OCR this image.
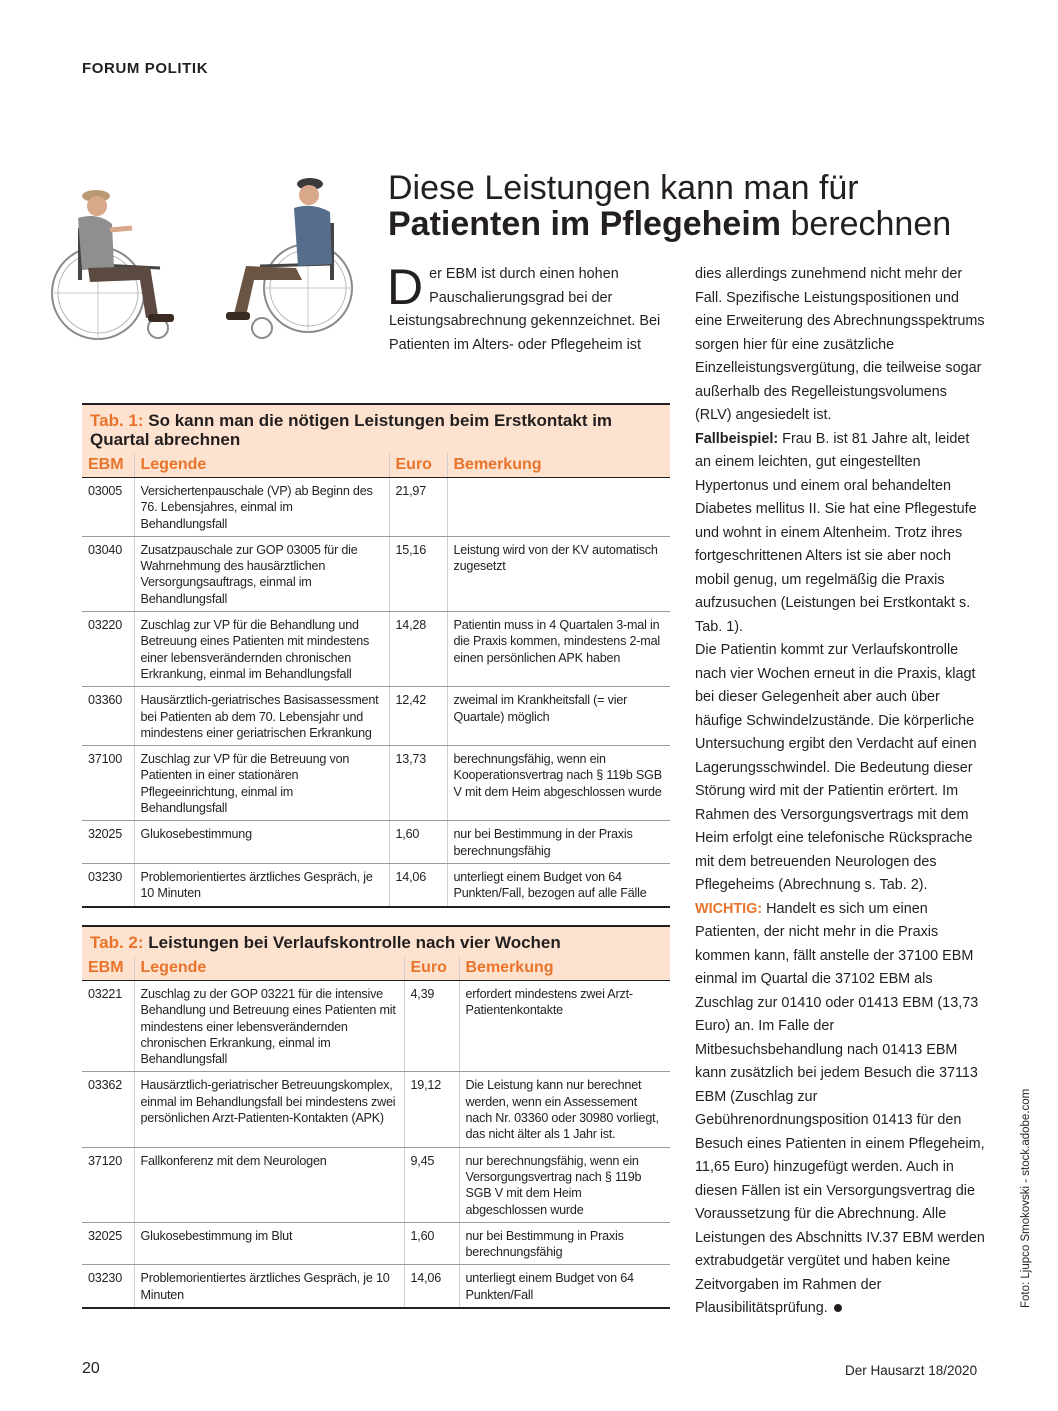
FORUM POLITIK
Diese Leistungen kann man für
Patienten im Pflegeheim berechnen
Der EBM ist durch einen hohen Pauschalierungsgrad bei der Leistungsabrechnung gekennzeichnet. Bei Patienten im Alters- oder Pflegeheim ist

dies allerdings zunehmend nicht mehr der Fall. Spezifische Leistungspositionen und eine Erweiterung des Abrechnungsspektrums sorgen hier für eine zusätzliche Einzelleistungsvergütung, die teilweise sogar außerhalb des Regelleistungsvolumens (RLV) angesiedelt ist.

Fallbeispiel: Frau B. ist 81 Jahre alt, leidet an einem leichten, gut eingestellten Hypertonus und einem oral behandelten Diabetes mellitus II. Sie hat eine Pflegestufe und wohnt in einem Altenheim. Trotz ihres fortgeschrittenen Alters ist sie aber noch mobil genug, um regelmäßig die Praxis aufzusuchen (Leistungen bei Erstkontakt s. Tab. 1).

Die Patientin kommt zur Verlaufskontrolle nach vier Wochen erneut in die Praxis, klagt bei dieser Gelegenheit aber auch über häufige Schwindelzustände. Die körperliche Untersuchung ergibt den Verdacht auf einen Lagerungsschwindel. Die Bedeutung dieser Störung wird mit der Patientin erörtert. Im Rahmen des Versorgungsvertrags mit dem Heim erfolgt eine telefonische Rücksprache mit dem betreuenden Neurologen des Pflegeheims (Abrechnung s. Tab. 2).

WICHTIG: Handelt es sich um einen Patienten, der nicht mehr in die Praxis kommen kann, fällt anstelle der 37100 EBM einmal im Quartal die 37102 EBM als Zuschlag zur 01410 oder 01413 EBM (13,73 Euro) an. Im Falle der Mitbesuchsbehandlung nach 01413 EBM kann zusätzlich bei jedem Besuch die 37113 EBM (Zuschlag zur Gebührenordnungsposition 01413 für den Besuch eines Patienten in einem Pflegeheim, 11,65 Euro) hinzugefügt werden. Auch in diesen Fällen ist ein Versorgungsvertrag die Voraussetzung für die Abrechnung. Alle Leistungen des Abschnitts IV.37 EBM werden extrabudgetär vergütet und haben keine Zeitvorgaben im Rahmen der Plausibilitätsprüfung.

Tab. 1: So kann man die nötigen Leistungen beim Erstkontakt im Quartal abrechnen
EBM	Legende	Euro	Bemerkung
03005	Versichertenpauschale (VP) ab Beginn des 76. Lebensjahres, einmal im Behandlungsfall	21,97	
03040	Zusatzpauschale zur GOP 03005 für die Wahrnehmung des hausärztlichen Versorgungsauftrags, einmal im Behandlungsfall	15,16	Leistung wird von der KV automatisch zugesetzt
03220	Zuschlag zur VP für die Behandlung und Betreuung eines Patienten mit mindestens einer lebensverändernden chronischen Erkrankung, einmal im Behandlungsfall	14,28	Patientin muss in 4 Quartalen 3-mal in die Praxis kommen, mindestens 2-mal einen persönlichen APK haben
03360	Hausärztlich-geriatrisches Basisassessment bei Patienten ab dem 70. Lebensjahr und mindestens einer geriatrischen Erkrankung	12,42	zweimal im Krankheitsfall (= vier Quartale) möglich
37100	Zuschlag zur VP für die Betreuung von Patienten in einer stationären Pflegeeinrichtung, einmal im Behandlungsfall	13,73	berechnungsfähig, wenn ein Kooperationsvertrag nach § 119b SGB V mit dem Heim abgeschlossen wurde
32025	Glukosebestimmung	1,60	nur bei Bestimmung in der Praxis berechnungsfähig
03230	Problemorientiertes ärztliches Gespräch, je 10 Minuten	14,06	unterliegt einem Budget von 64 Punkten/Fall, bezogen auf alle Fälle
Tab. 2: Leistungen bei Verlaufskontrolle nach vier Wochen
EBM	Legende	Euro	Bemerkung
03221	Zuschlag zu der GOP 03221 für die intensive Behandlung und Betreuung eines Patienten mit mindestens einer lebensverändernden chronischen Erkrankung, einmal im Behandlungsfall	4,39	erfordert mindestens zwei Arzt-Patientenkontakte
03362	Hausärztlich-geriatrischer Betreuungskomplex, einmal im Behandlungsfall bei mindestens zwei persönlichen Arzt-Patienten-Kontakten (APK)	19,12	Die Leistung kann nur berechnet werden, wenn ein Assessement nach Nr. 03360 oder 30980 vorliegt, das nicht älter als 1 Jahr ist.
37120	Fallkonferenz mit dem Neurologen	9,45	nur berechnungsfähig, wenn ein Versorgungsvertrag nach § 119b SGB V mit dem Heim abgeschlossen wurde
32025	Glukosebestimmung im Blut	1,60	nur bei Bestimmung in Praxis berechnungsfähig
03230	Problemorientiertes ärztliches Gespräch, je 10 Minuten	14,06	unterliegt einem Budget von 64 Punkten/Fall
20	Der Hausarzt 18/2020
Foto: Ljupco Smokovski - stock.adobe.com
